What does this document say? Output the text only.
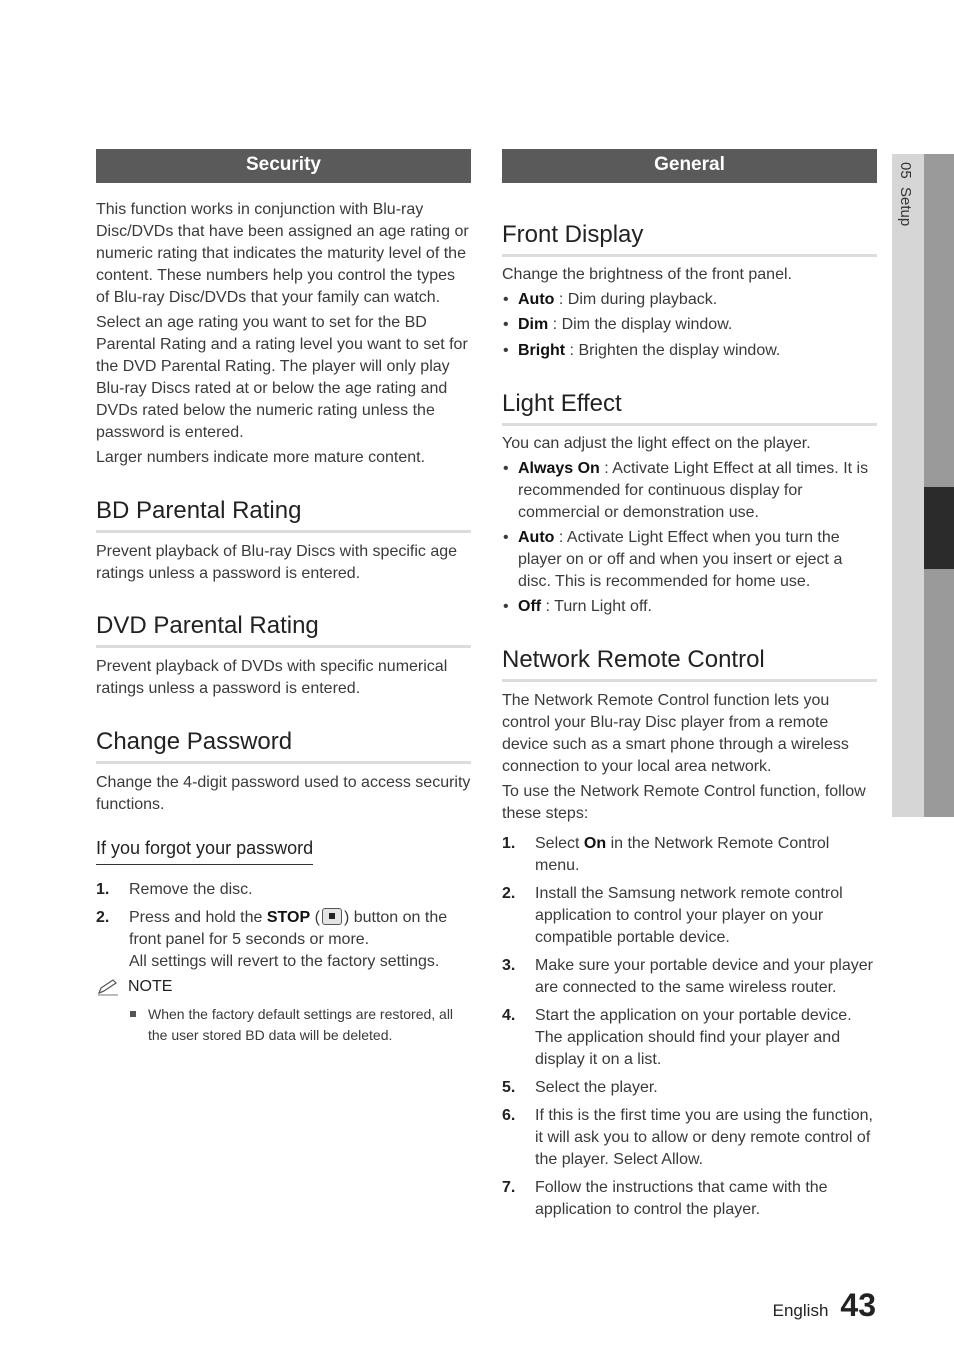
05  Setup
Security

This function works in conjunction with Blu-ray Disc/DVDs that have been assigned an age rating or numeric rating that indicates the maturity level of the content. These numbers help you control the types of Blu-ray Disc/DVDs that your family can watch.

Select an age rating you want to set for the BD Parental Rating and a rating level you want to set for the DVD Parental Rating. The player will only play Blu-ray Discs rated at or below the age rating and DVDs rated below the numeric rating unless the password is entered.

Larger numbers indicate more mature content.

BD Parental Rating

Prevent playback of Blu-ray Discs with specific age ratings unless a password is entered.

DVD Parental Rating

Prevent playback of DVDs with specific numerical ratings unless a password is entered.

Change Password

Change the 4-digit password used to access security functions.

If you forgot your password
1. Remove the disc.
2. Press and hold the STOP ( ) button on the front panel for 5 seconds or more.
All settings will revert to the factory settings.
NOTE
When the factory default settings are restored, all the user stored BD data will be deleted.
General
Front Display

Change the brightness of the front panel.

• Auto : Dim during playback.
• Dim : Dim the display window.
• Bright : Brighten the display window.
Light Effect

You can adjust the light effect on the player.

• Always On : Activate Light Effect at all times. It is recommended for continuous display for commercial or demonstration use.
• Auto : Activate Light Effect when you turn the player on or off and when you insert or eject a disc. This is recommended for home use.
• Off : Turn Light off.
Network Remote Control

The Network Remote Control function lets you control your Blu-ray Disc player from a remote device such as a smart phone through a wireless connection to your local area network.

To use the Network Remote Control function, follow these steps:

1. Select On in the Network Remote Control menu.
2. Install the Samsung network remote control application to control your player on your compatible portable device.
3. Make sure your portable device and your player are connected to the same wireless router.
4. Start the application on your portable device. The application should find your player and display it on a list.
5. Select the player.
6. If this is the first time you are using the function, it will ask you to allow or deny remote control of the player. Select Allow.
7. Follow the instructions that came with the application to control the player.
English 43
